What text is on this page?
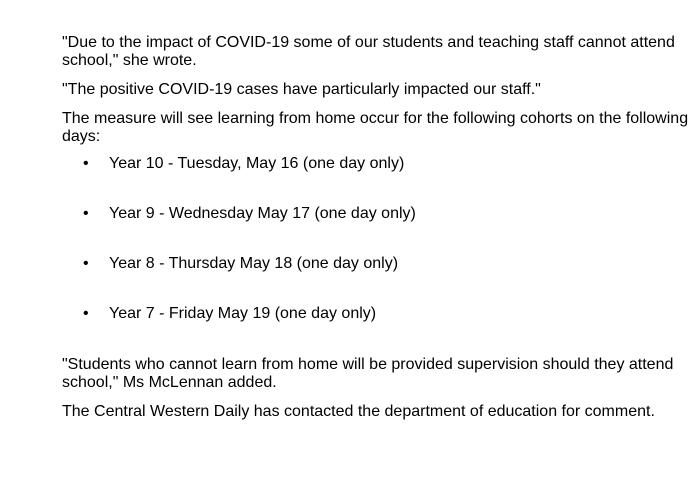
"Due to the impact of COVID-19 some of our students and teaching staff cannot attend school," she wrote.

"The positive COVID-19 cases have particularly impacted our staff."

The measure will see learning from home occur for the following cohorts on the following days:

• Year 10 - Tuesday, May 16 (one day only)
• Year 9 - Wednesday May 17 (one day only)
• Year 8 - Thursday May 18 (one day only)
• Year 7 - Friday May 19 (one day only)

"Students who cannot learn from home will be provided supervision should they attend school," Ms McLennan added.

The Central Western Daily has contacted the department of education for comment.
